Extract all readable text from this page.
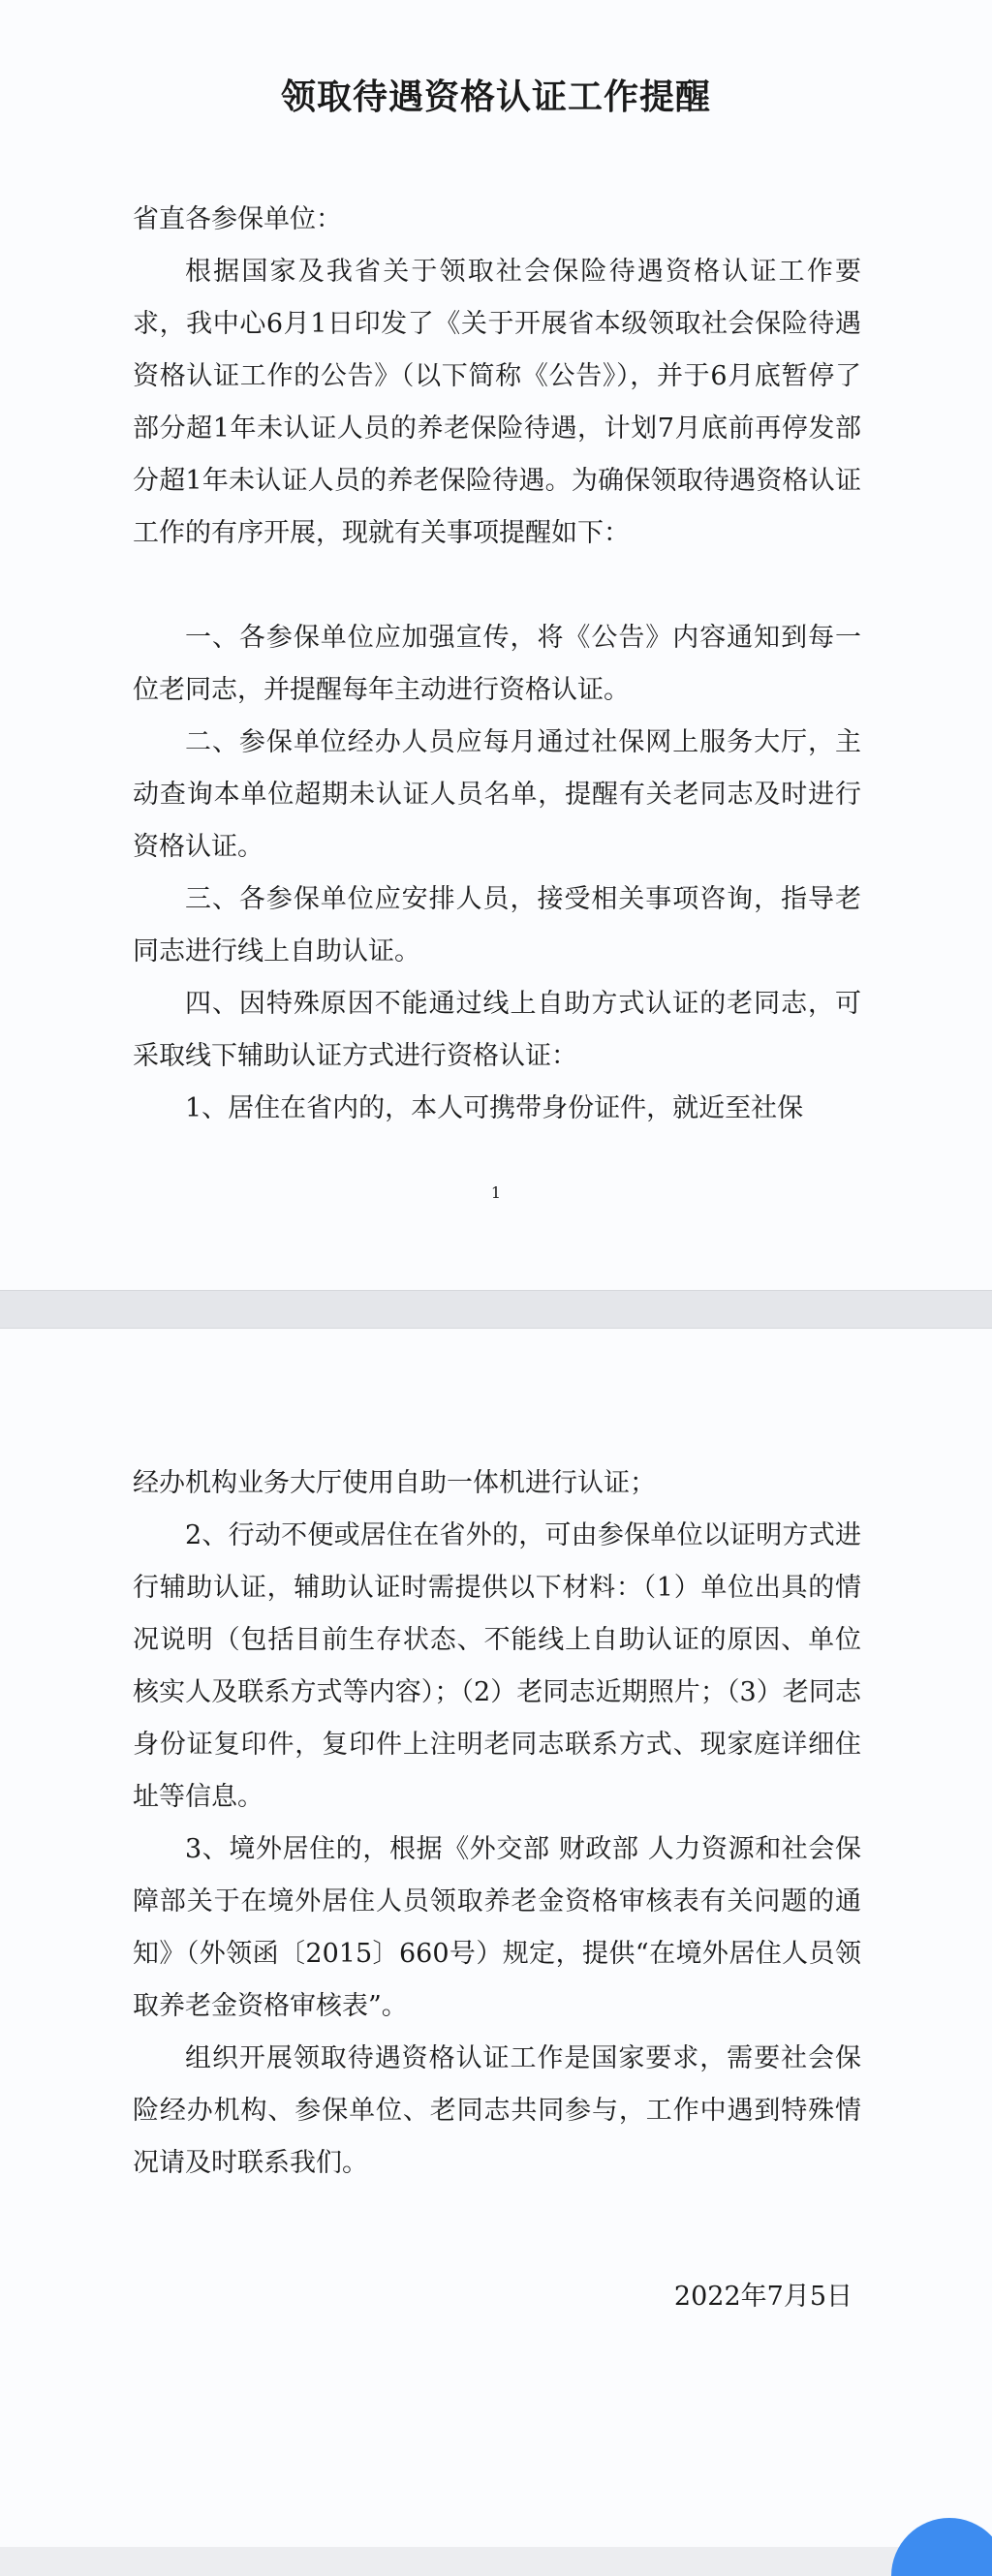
领取待遇资格认证工作提醒

省直各参保单位：

根据国家及我省关于领取社会保险待遇资格认证工作要求，我中心6月1日印发了《关于开展省本级领取社会保险待遇资格认证工作的公告》（以下简称《公告》），并于6月底暂停了部分超1年未认证人员的养老保险待遇，计划7月底前再停发部分超1年未认证人员的养老保险待遇。为确保领取待遇资格认证工作的有序开展，现就有关事项提醒如下：

一、各参保单位应加强宣传，将《公告》内容通知到每一位老同志，并提醒每年主动进行资格认证。

二、参保单位经办人员应每月通过社保网上服务大厅，主动查询本单位超期未认证人员名单，提醒有关老同志及时进行资格认证。

三、各参保单位应安排人员，接受相关事项咨询，指导老同志进行线上自助认证。

四、因特殊原因不能通过线上自助方式认证的老同志，可采取线下辅助认证方式进行资格认证：

1、居住在省内的，本人可携带身份证件，就近至社保

1

经办机构业务大厅使用自助一体机进行认证；

2、行动不便或居住在省外的，可由参保单位以证明方式进行辅助认证，辅助认证时需提供以下材料：（1）单位出具的情况说明（包括目前生存状态、不能线上自助认证的原因、单位核实人及联系方式等内容）；（2）老同志近期照片；（3）老同志身份证复印件，复印件上注明老同志联系方式、现家庭详细住址等信息。

3、境外居住的，根据《外交部 财政部 人力资源和社会保障部关于在境外居住人员领取养老金资格审核表有关问题的通知》（外领函〔2015〕660号）规定，提供“在境外居住人员领取养老金资格审核表”。

组织开展领取待遇资格认证工作是国家要求，需要社会保险经办机构、参保单位、老同志共同参与，工作中遇到特殊情况请及时联系我们。

2022年7月5日
